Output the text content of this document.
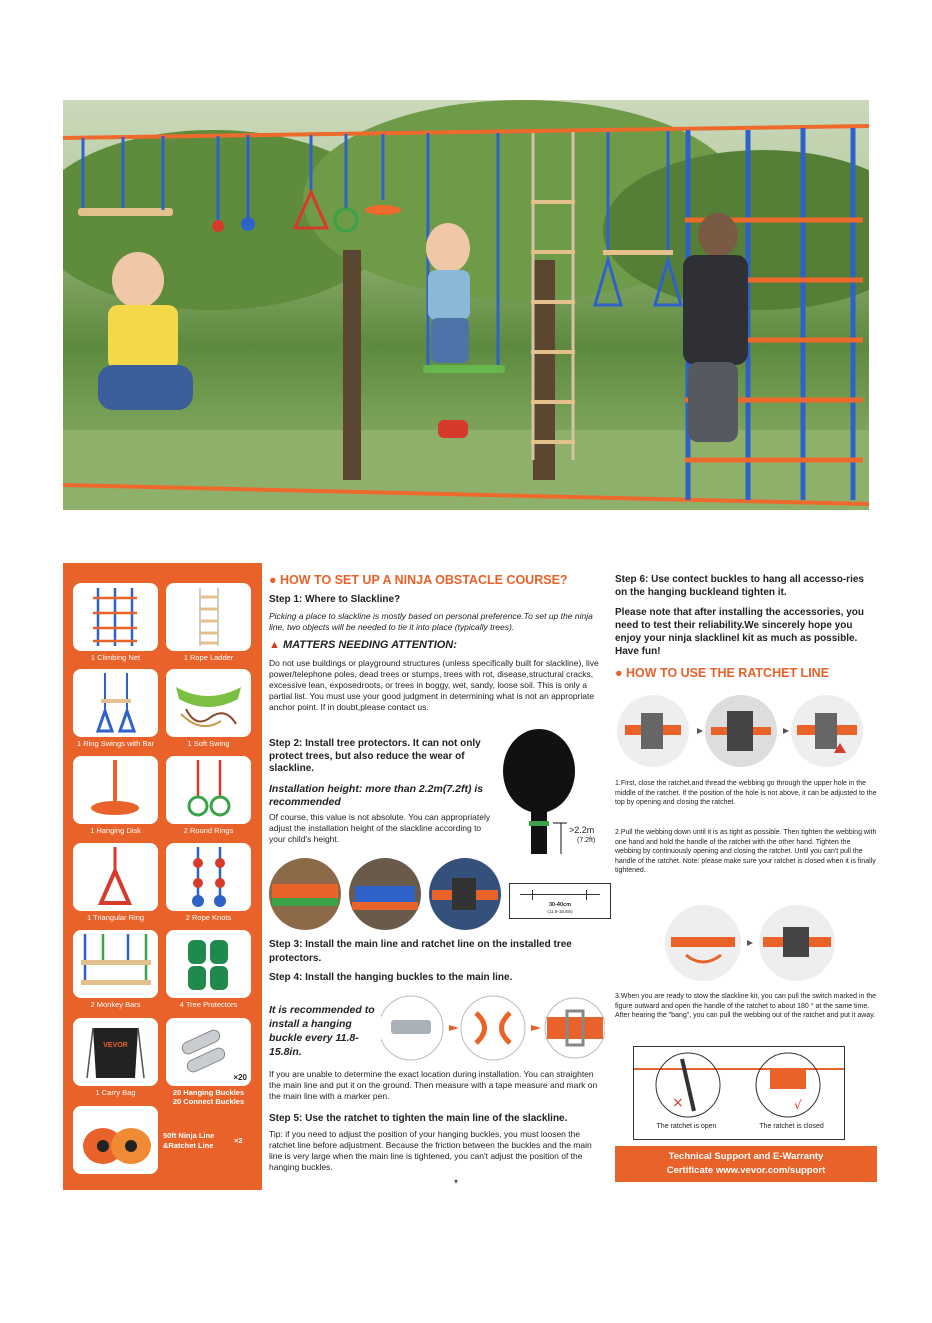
1 Climbing Net	1 Rope Ladder
1 Ring Swings with Bar	1 Soft Swing
1 Hanging Disk	2 Round Rings
1 Triangular Ring	2 Rope Knots
2 Monkey Bars	4 Tree Protectors
VEVOR
1 Carry Bag
×20
20 Hanging Buckles
20 Connect Buckles
50ft Ninja Line
&Ratchet Line
×2
● HOW TO SET UP A NINJA OBSTACLE COURSE?
Step 1: Where to Slackline?
Picking a place to slackline is mostly based on personal preference.To set up the ninja line, two objects will be needed to tie it into place (typically trees).
▲ MATTERS NEEDING ATTENTION:
Do not use buildings or playground structures (unless specifically built for slackline), live power/telephone poles, dead trees or stumps, trees with rot, disease,structural cracks, excessive lean, exposedroots, or trees in boggy, wet, sandy, loose soil. This is only a partial list. You must use your good judgment in determining what is not an appropriate anchor point. If in doubt,please contact us.
Step 2: Install tree protectors. It can not only protect trees, but also reduce the wear of slackline.
Installation height: more than 2.2m(7.2ft) is recommended
Of course, this value is not absolute. You can appropriately adjust the installation height of the slackline according to your child's height.
>2.2m
(7.2ft)
30-40cm
(11.8-15.8in)
Step 3: Install the main line and ratchet line on the installed tree protectors.
Step 4: Install the hanging buckles to the main line.
It is recommended to install a hanging buckle every 11.8-15.8in.
If you are unable to determine the exact location during installation. You can straighten the main line and put it on the ground. Then measure with a tape measure and mark on the main line with a marker pen.
Step 5: Use the ratchet to tighten the main line of the slackline.
Tip: if you need to adjust the position of your hanging buckles, you must loosen the ratchet line before adjustment. Because the friction between the buckles and the main line is very large when the main line is tightened, you can't adjust the position of the hanging buckles.
▾
Step 6: Use contect buckles to hang all accesso-ries on the hanging buckleand tighten it.
Please note that after installing the accessories, you need to test their reliability.We sincerely hope you enjoy your ninja slacklinel kit as much as possible. Have fun!
● HOW TO USE THE RATCHET LINE
1.First, close the ratchet,and thread the webbing go through the upper hole in the middle of the ratchet. If the position of the hole is not above, it can be adjusted to the top by opening and closing the ratchet.
2.Pull the webbing down until it is as tight as possible. Then tighten the webbing with one hand and hold the handle of the ratchet with the other hand. Tighten the webbing by continuously opening and closing the ratchet. Until you can't pull the handle of the ratchet. Note: please make sure your ratchet is closed when it is finally tightened.
3.When you are ready to stow the slackline kit, you can pull the switch marked in the figure outward and open the handle of the ratchet to about 180 ° at the same time. After hearing the "bang", you can pull the webbing out of the ratchet and put it away.
×	√
The ratchet is open	The ratchet is closed
Technical Support and E-Warranty
Certificate www.vevor.com/support
